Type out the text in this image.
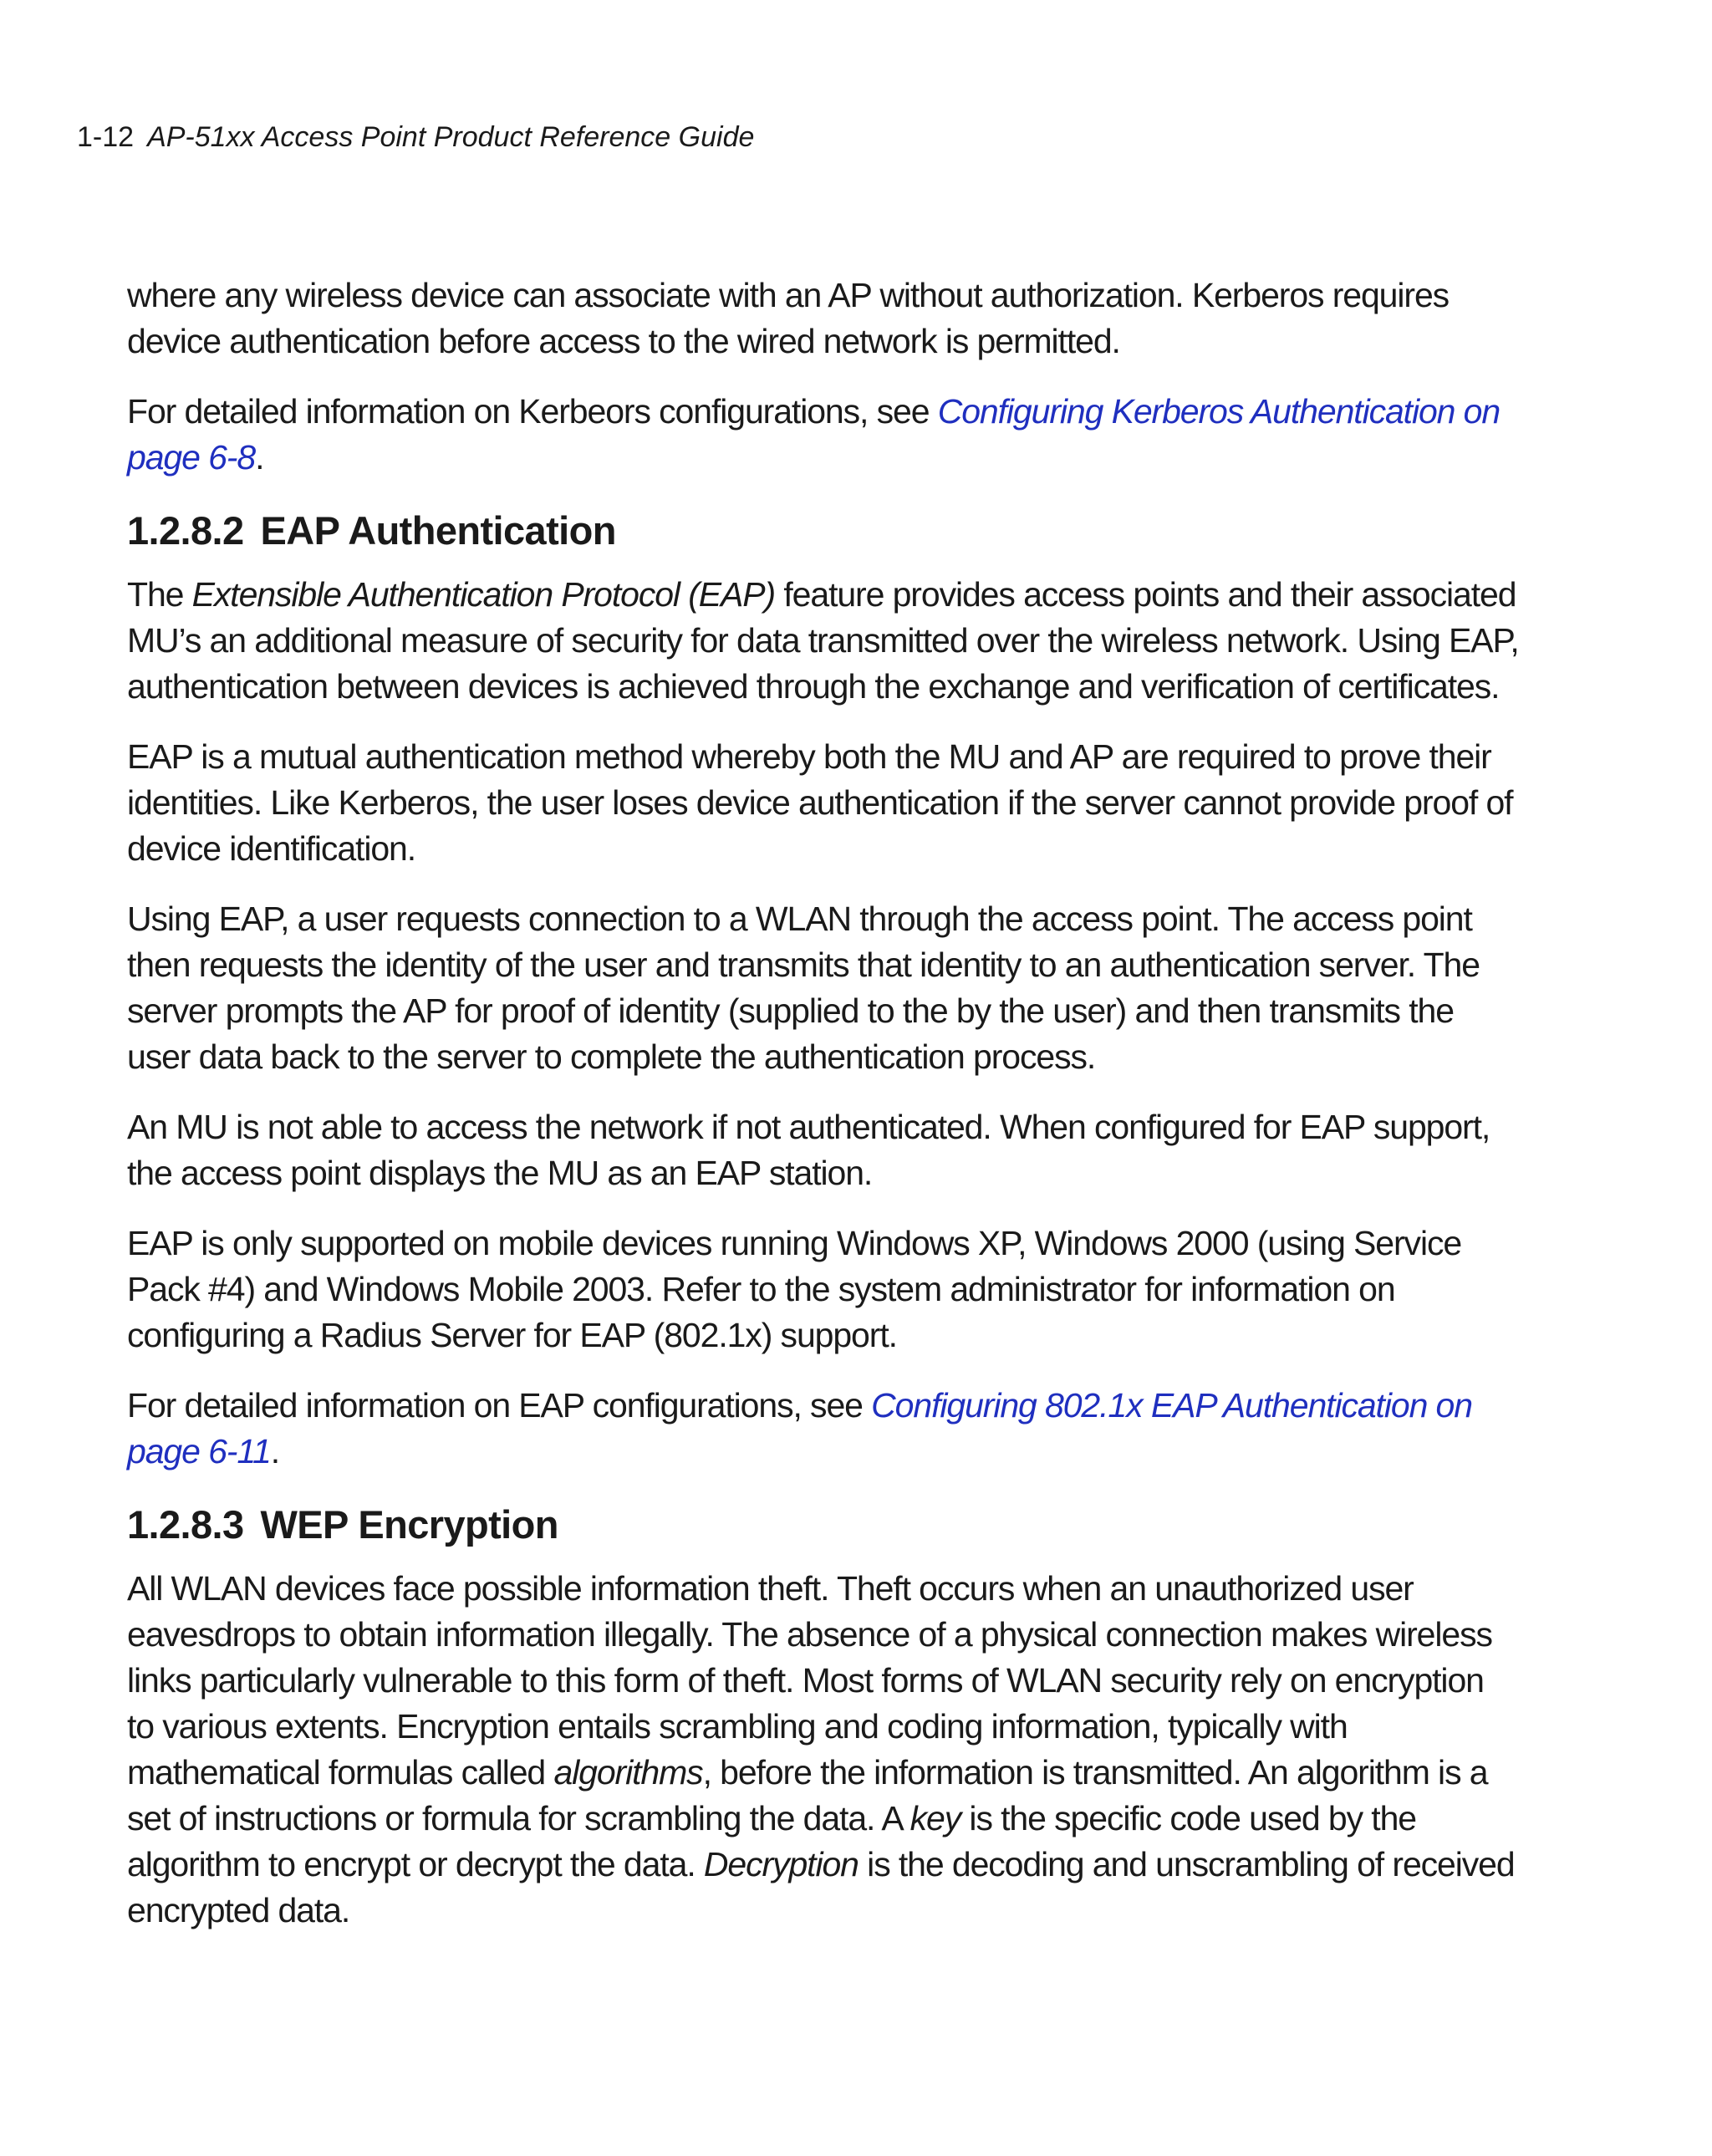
1-12 AP-51xx Access Point Product Reference Guide

where any wireless device can associate with an AP without authorization. Kerberos requires device authentication before access to the wired network is permitted.

For detailed information on Kerbeors configurations, see Configuring Kerberos Authentication on page 6-8.

1.2.8.2 EAP Authentication

The Extensible Authentication Protocol (EAP) feature provides access points and their associated MU’s an additional measure of security for data transmitted over the wireless network. Using EAP, authentication between devices is achieved through the exchange and verification of certificates.

EAP is a mutual authentication method whereby both the MU and AP are required to prove their identities. Like Kerberos, the user loses device authentication if the server cannot provide proof of device identification.

Using EAP, a user requests connection to a WLAN through the access point. The access point then requests the identity of the user and transmits that identity to an authentication server. The server prompts the AP for proof of identity (supplied to the by the user) and then transmits the user data back to the server to complete the authentication process.

An MU is not able to access the network if not authenticated. When configured for EAP support, the access point displays the MU as an EAP station.

EAP is only supported on mobile devices running Windows XP, Windows 2000 (using Service Pack #4) and Windows Mobile 2003. Refer to the system administrator for information on configuring a Radius Server for EAP (802.1x) support.

For detailed information on EAP configurations, see Configuring 802.1x EAP Authentication on page 6-11.

1.2.8.3 WEP Encryption

All WLAN devices face possible information theft. Theft occurs when an unauthorized user eavesdrops to obtain information illegally. The absence of a physical connection makes wireless links particularly vulnerable to this form of theft. Most forms of WLAN security rely on encryption to various extents. Encryption entails scrambling and coding information, typically with mathematical formulas called algorithms, before the information is transmitted. An algorithm is a set of instructions or formula for scrambling the data. A key is the specific code used by the algorithm to encrypt or decrypt the data. Decryption is the decoding and unscrambling of received encrypted data.
